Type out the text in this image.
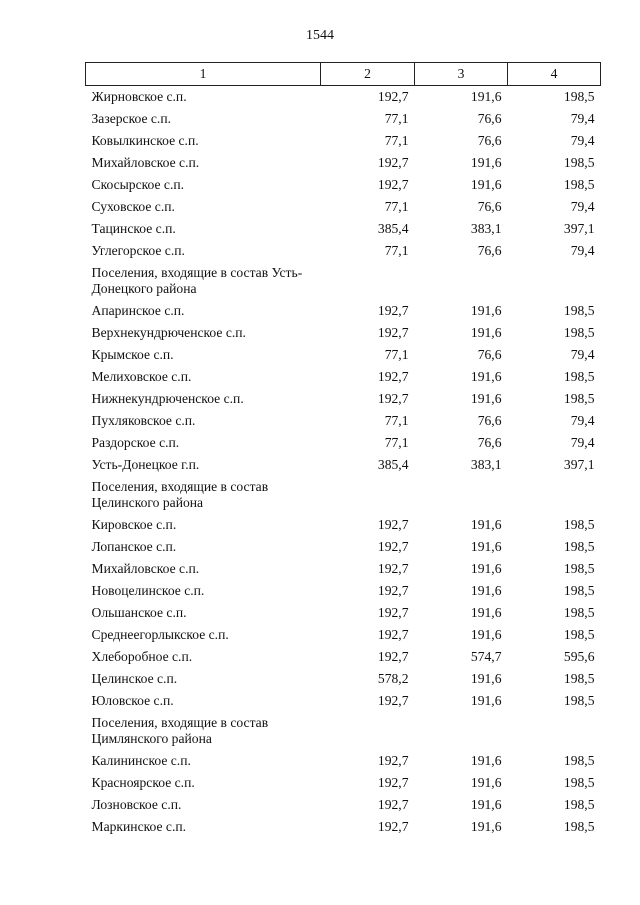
1544
1	2	3	4
Жирновское с.п.	192,7	191,6	198,5
Зазерское с.п.	77,1	76,6	79,4
Ковылкинское с.п.	77,1	76,6	79,4
Михайловское с.п.	192,7	191,6	198,5
Скосырское с.п.	192,7	191,6	198,5
Суховское с.п.	77,1	76,6	79,4
Тацинское с.п.	385,4	383,1	397,1
Углегорское с.п.	77,1	76,6	79,4
Поселения, входящие в состав Усть-Донецкого района			
Апаринское с.п.	192,7	191,6	198,5
Верхнекундрюченское с.п.	192,7	191,6	198,5
Крымское с.п.	77,1	76,6	79,4
Мелиховское с.п.	192,7	191,6	198,5
Нижнекундрюченское с.п.	192,7	191,6	198,5
Пухляковское с.п.	77,1	76,6	79,4
Раздорское с.п.	77,1	76,6	79,4
Усть-Донецкое г.п.	385,4	383,1	397,1
Поселения, входящие в состав Целинского района			
Кировское с.п.	192,7	191,6	198,5
Лопанское с.п.	192,7	191,6	198,5
Михайловское с.п.	192,7	191,6	198,5
Новоцелинское с.п.	192,7	191,6	198,5
Ольшанское с.п.	192,7	191,6	198,5
Среднеегорлыкское с.п.	192,7	191,6	198,5
Хлеборобное с.п.	192,7	574,7	595,6
Целинское с.п.	578,2	191,6	198,5
Юловское с.п.	192,7	191,6	198,5
Поселения, входящие в состав Цимлянского района			
Калининское с.п.	192,7	191,6	198,5
Красноярское с.п.	192,7	191,6	198,5
Лозновское с.п.	192,7	191,6	198,5
Маркинское с.п.	192,7	191,6	198,5
